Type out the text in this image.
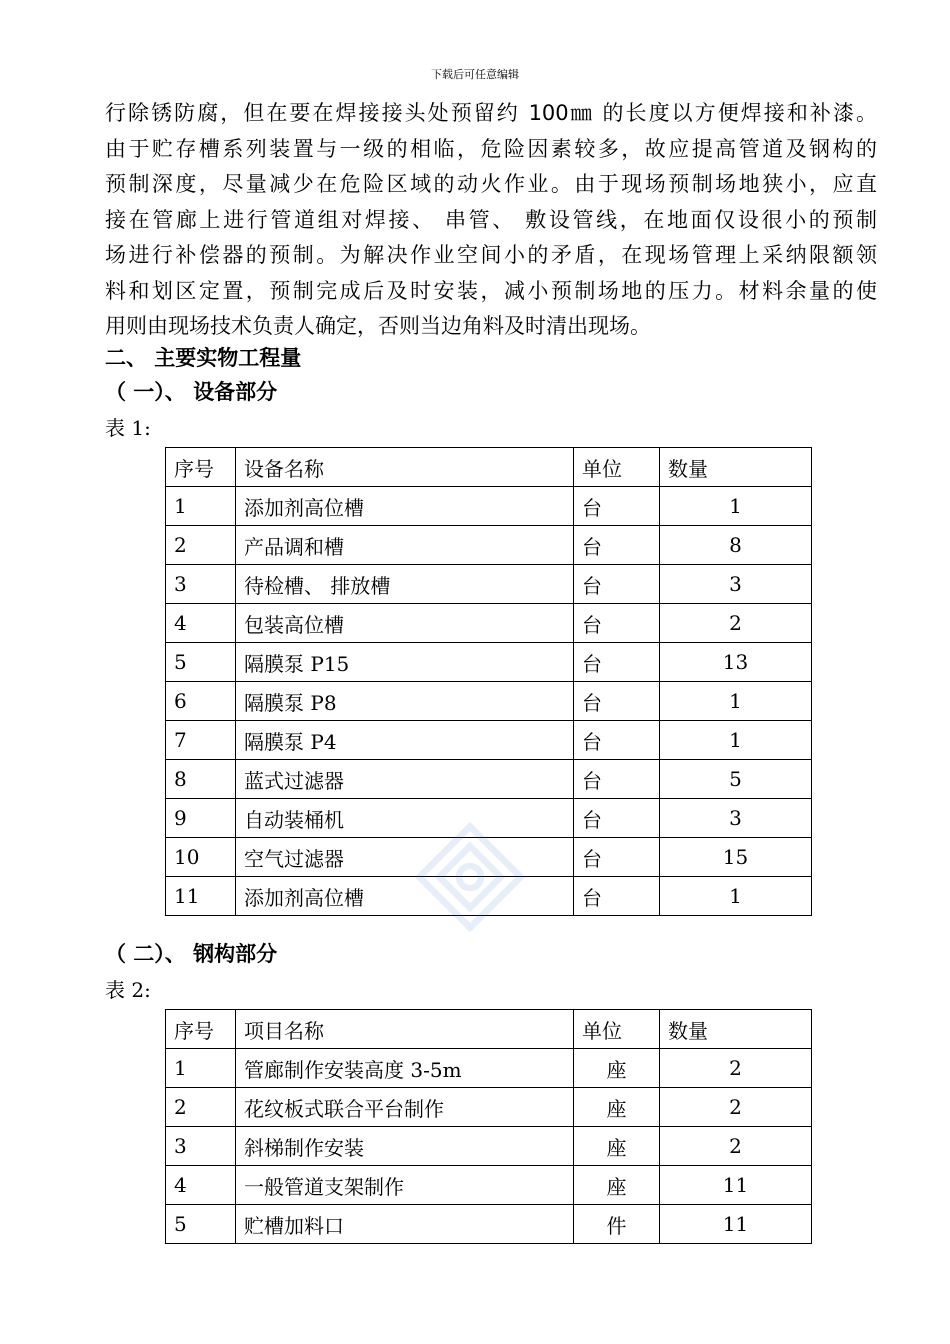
下载后可任意编辑
行除锈防腐，但在要在焊接接头处预留约 100㎜ 的长度以方便焊接和补漆。
由于贮存槽系列装置与一级的相临，危险因素较多，故应提高管道及钢构的
预制深度，尽量减少在危险区域的动火作业。由于现场预制场地狭小，应直
接在管廊上进行管道组对焊接、 串管、 敷设管线，在地面仅设很小的预制
场进行补偿器的预制。为解决作业空间小的矛盾，在现场管理上采纳限额领
料和划区定置，预制完成后及时安装，减小预制场地的压力。材料余量的使
用则由现场技术负责人确定，否则当边角料及时清出现场。
二、 主要实物工程量
（ 一）、 设备部分
表 1:
序号	设备名称	单位	数量
1	添加剂高位槽	台	1
2	产品调和槽	台	8
3	待检槽、 排放槽	台	3
4	包装高位槽	台	2
5	隔膜泵 P15	台	13
6	隔膜泵 P8	台	1
7	隔膜泵 P4	台	1
8	蓝式过滤器	台	5
9	自动装桶机	台	3
10	空气过滤器	台	15
11	添加剂高位槽	台	1
（ 二）、 钢构部分
表 2:
序号	项目名称	单位	数量
1	管廊制作安装高度 3-5m	座	2
2	花纹板式联合平台制作	座	2
3	斜梯制作安装	座	2
4	一般管道支架制作	座	11
5	贮槽加料口	件	11
